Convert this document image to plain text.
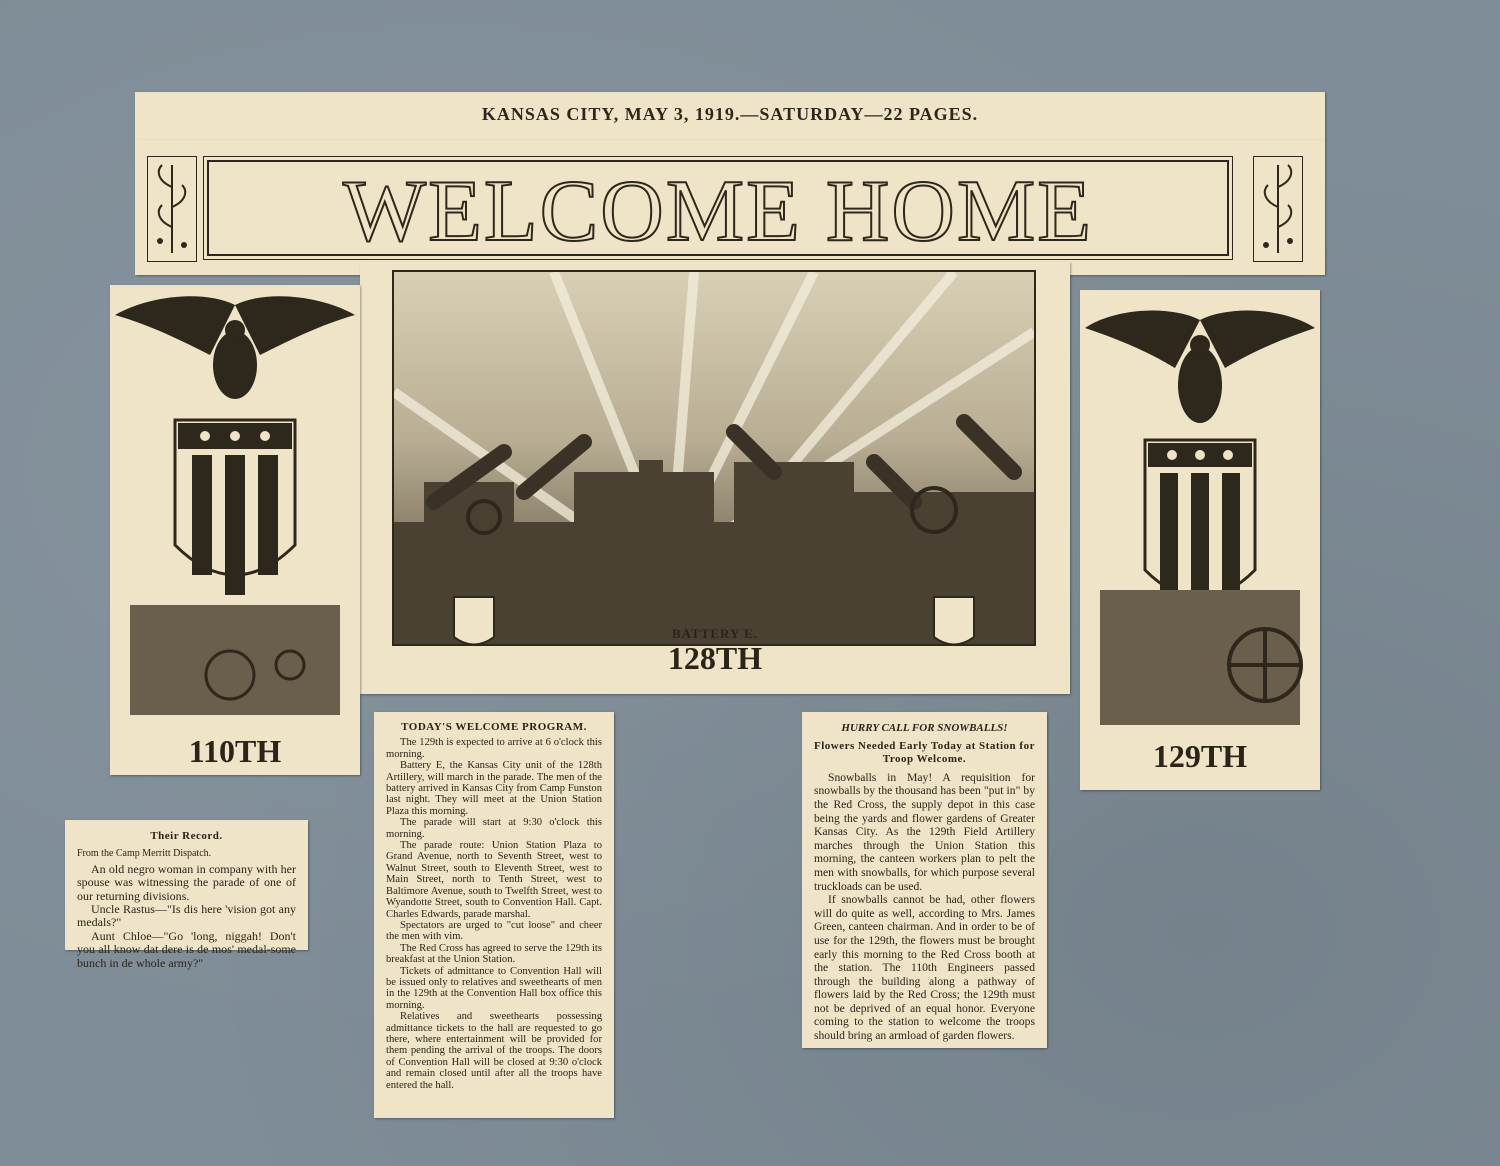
KANSAS CITY, MAY 3, 1919.—SATURDAY—22 PAGES.
WELCOME HOME
BATTERY E.
128TH
110TH	129TH
Their Record.
From the Camp Merritt Dispatch.

An old negro woman in company with her spouse was witnessing the parade of one of our returning divisions.

Uncle Rastus—"Is dis here 'vision got any medals?"

Aunt Chloe—"Go 'long, niggah! Don't you all know dat dere is de mos' medal-some bunch in de whole army?"

TODAY'S WELCOME PROGRAM.

The 129th is expected to arrive at 6 o'clock this morning.

Battery E, the Kansas City unit of the 128th Artillery, will march in the parade. The men of the battery arrived in Kansas City from Camp Funston last night. They will meet at the Union Station Plaza this morning.

The parade will start at 9:30 o'clock this morning.

The parade route: Union Station Plaza to Grand Avenue, north to Seventh Street, west to Walnut Street, south to Eleventh Street, west to Main Street, north to Tenth Street, west to Baltimore Avenue, south to Twelfth Street, west to Wyandotte Street, south to Convention Hall. Capt. Charles Edwards, parade marshal.

Spectators are urged to "cut loose" and cheer the men with vim.

The Red Cross has agreed to serve the 129th its breakfast at the Union Station.

Tickets of admittance to Convention Hall will be issued only to relatives and sweethearts of men in the 129th at the Convention Hall box office this morning.

Relatives and sweethearts possessing admittance tickets to the hall are requested to go there, where entertainment will be provided for them pending the arrival of the troops. The doors of Convention Hall will be closed at 9:30 o'clock and remain closed until after all the troops have entered the hall.

HURRY CALL FOR SNOWBALLS!
Flowers Needed Early Today at Station for Troop Welcome.

Snowballs in May! A requisition for snowballs by the thousand has been "put in" by the Red Cross, the supply depot in this case being the yards and flower gardens of Greater Kansas City. As the 129th Field Artillery marches through the Union Station this morning, the canteen workers plan to pelt the men with snowballs, for which purpose several truckloads can be used.

If snowballs cannot be had, other flowers will do quite as well, according to Mrs. James Green, canteen chairman. And in order to be of use for the 129th, the flowers must be brought early this morning to the Red Cross booth at the station. The 110th Engineers passed through the building along a pathway of flowers laid by the Red Cross; the 129th must not be deprived of an equal honor. Everyone coming to the station to welcome the troops should bring an armload of garden flowers.
